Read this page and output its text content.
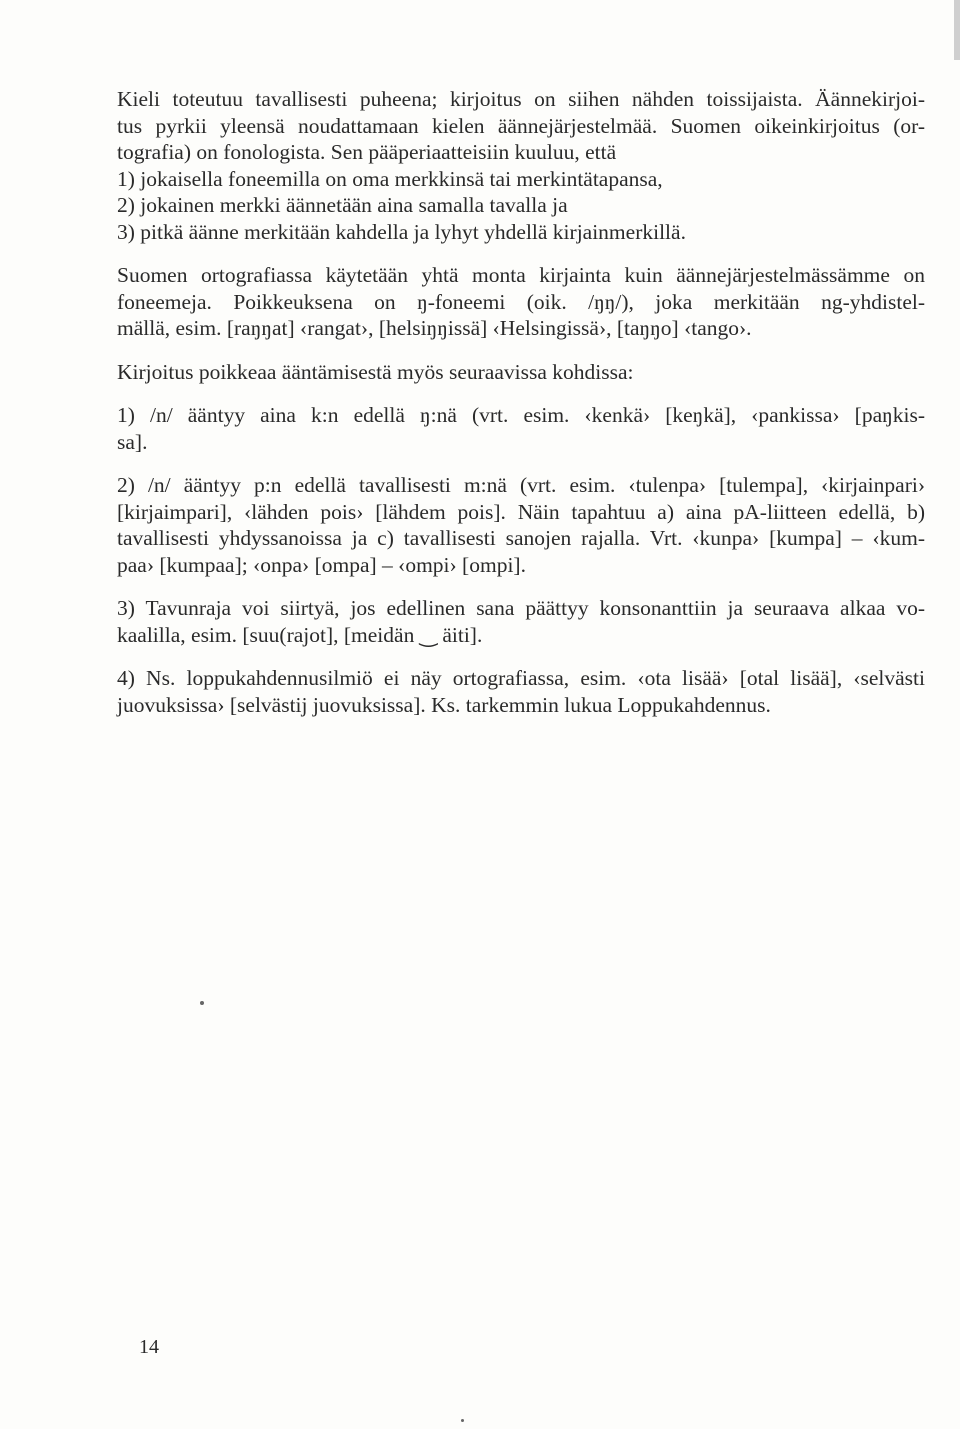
Kieli toteutuu tavallisesti puheena; kirjoitus on siihen nähden toissijaista. Äännekirjoi-
tus pyrkii yleensä noudattamaan kielen äännejärjestelmää. Suomen oikeinkirjoitus (or-
tografia) on fonologista. Sen pääperiaatteisiin kuuluu, että
1) jokaisella foneemilla on oma merkkinsä tai merkintätapansa,
2) jokainen merkki äännetään aina samalla tavalla ja
3) pitkä äänne merkitään kahdella ja lyhyt yhdellä kirjainmerkillä.
Suomen ortografiassa käytetään yhtä monta kirjainta kuin äännejärjestelmässämme on
foneemeja. Poikkeuksena on ŋ-foneemi (oik. /ŋŋ/), joka merkitään ng-yhdistel-
mällä, esim. [raŋŋat] ‹rangat›, [helsiŋŋissä] ‹Helsingissä›, [taŋŋo] ‹tango›.
Kirjoitus poikkeaa ääntämisestä myös seuraavissa kohdissa:
1) /n/ ääntyy aina k:n edellä ŋ:nä (vrt. esim. ‹kenkä› [keŋkä], ‹pankissa› [paŋkis-
sa].
2) /n/ ääntyy p:n edellä tavallisesti m:nä (vrt. esim. ‹tulenpa› [tulempa], ‹kirjainpari›
[kirjaimpari], ‹lähden pois› [lähdem pois]. Näin tapahtuu a) aina pA-liitteen edellä, b)
tavallisesti yhdyssanoissa ja c) tavallisesti sanojen rajalla. Vrt. ‹kunpa› [kumpa] – ‹kum-
paa› [kumpaa]; ‹onpa› [ompa] – ‹ompi› [ompi].
3) Tavunraja voi siirtyä, jos edellinen sana päättyy konsonanttiin ja seuraava alkaa vo-
kaalilla, esim. [suu(rajot], [meidän ‿ äiti].
4) Ns. loppukahdennusilmiö ei näy ortografiassa, esim. ‹ota lisää› [otal lisää], ‹selvästi
juovuksissa› [selvästij juovuksissa]. Ks. tarkemmin lukua Loppukahdennus.
14
